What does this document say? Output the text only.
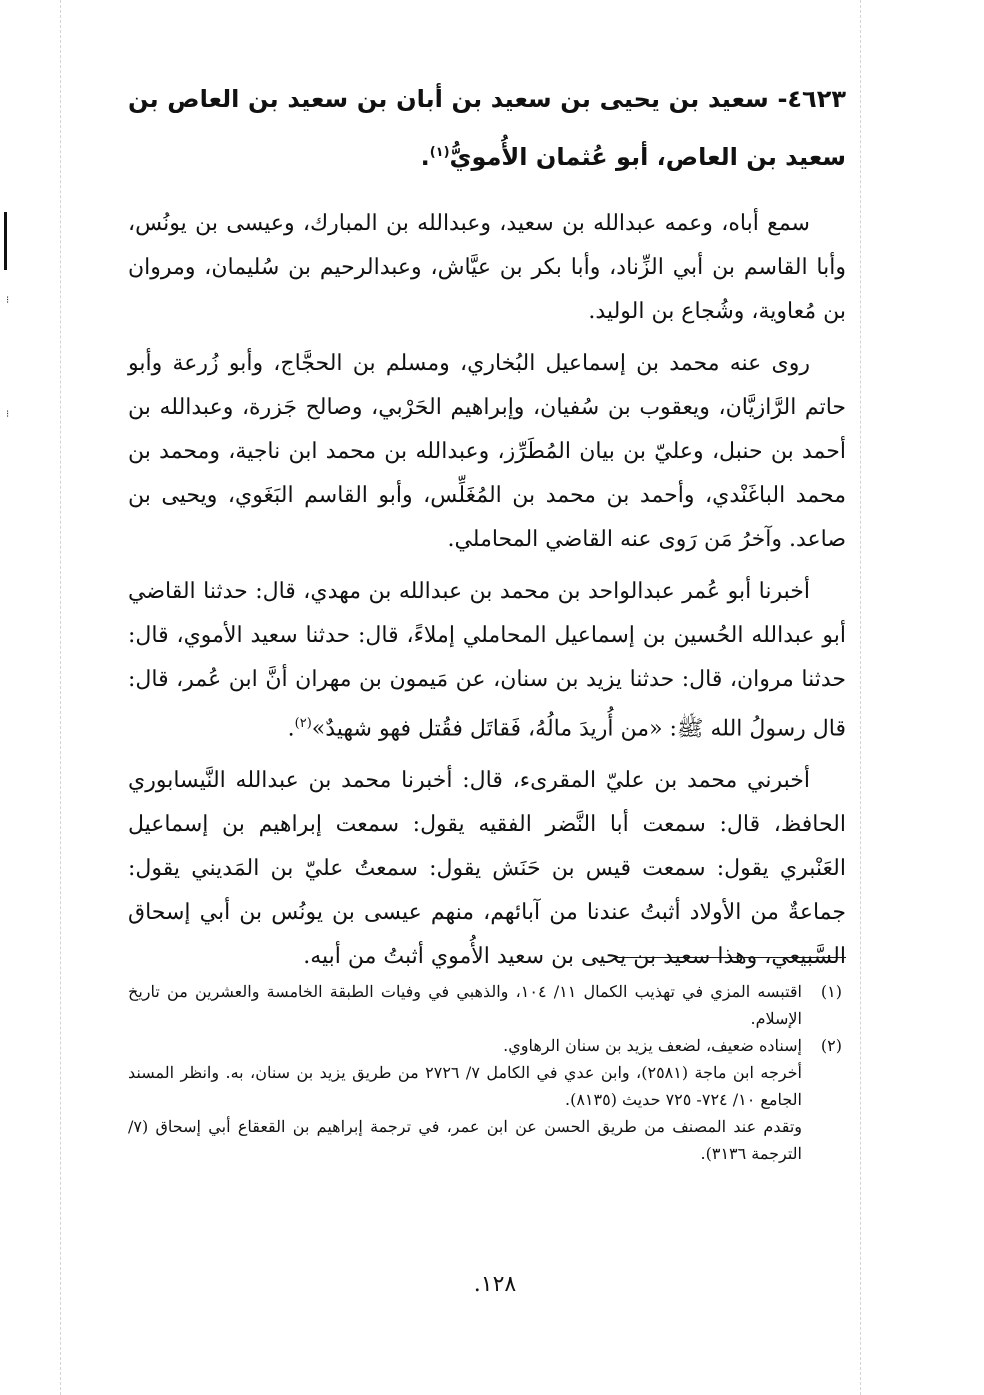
⁝
⁝
٤٦٢٣- سعيد بن يحيى بن سعيد بن أبان بن سعيد بن العاص بن سعيد بن العاص، أبو عُثمان الأُمويُّ$^{(١)}$.

سمع أباه، وعمه عبدالله بن سعيد، وعبدالله بن المبارك، وعيسى بن يونُس، وأبا القاسم بن أبي الزِّناد، وأبا بكر بن عيَّاش، وعبدالرحيم بن سُليمان، ومروان بن مُعاوية، وشُجاع بن الوليد.

روى عنه محمد بن إسماعيل البُخاري، ومسلم بن الحجَّاج، وأبو زُرعة وأبو حاتم الرَّازيَّان، ويعقوب بن سُفيان، وإبراهيم الحَرْبي، وصالح جَزرة، وعبدالله بن أحمد بن حنبل، وعليّ بن بيان المُطَرِّز، وعبدالله بن محمد ابن ناجية، ومحمد بن محمد الباغَنْدي، وأحمد بن محمد بن المُغَلِّس، وأبو القاسم البَغَوي، ويحيى بن صاعد. وآخرُ مَن رَوى عنه القاضي المحاملي.

أخبرنا أبو عُمر عبدالواحد بن محمد بن عبدالله بن مهدي، قال: حدثنا القاضي أبو عبدالله الحُسين بن إسماعيل المحاملي إملاءً، قال: حدثنا سعيد الأموي، قال: حدثنا مروان، قال: حدثنا يزيد بن سنان، عن مَيمون بن مهران أنَّ ابن عُمر، قال: قال رسولُ الله ﷺ: «من أُريدَ مالُهُ، فَقاتَل فقُتل فهو شهيدٌ»$^{(٢)}$.

أخبرني محمد بن عليّ المقرىء، قال: أخبرنا محمد بن عبدالله النَّيسابوري الحافظ، قال: سمعت أبا النَّضر الفقيه يقول: سمعت إبراهيم بن إسماعيل العَنْبري يقول: سمعت قيس بن حَنَش يقول: سمعتُ عليّ بن المَديني يقول: جماعةٌ من الأولاد أثبتُ عندنا من آبائهم، منهم عيسى بن يونُس بن أبي إسحاق السَّبيعي، وهذا سعيد بن يحيى بن سعيد الأُموي أثبتُ من أبيه.

(١)
اقتبسه المزي في تهذيب الكمال ١١/ ١٠٤، والذهبي في وفيات الطبقة الخامسة والعشرين من تاريخ الإسلام.

(٢)
إسناده ضعيف، لضعف يزيد بن سنان الرهاوي.

أخرجه ابن ماجة (٢٥٨١)، وابن عدي في الكامل ٧/ ٢٧٢٦ من طريق يزيد بن سنان، به. وانظر المسند الجامع ١٠/ ٧٢٤- ٧٢٥ حديث (٨١٣٥).

وتقدم عند المصنف من طريق الحسن عن ابن عمر، في ترجمة إبراهيم بن القعقاع أبي إسحاق (٧/ الترجمة ٣١٣٦).

١٢٨.
